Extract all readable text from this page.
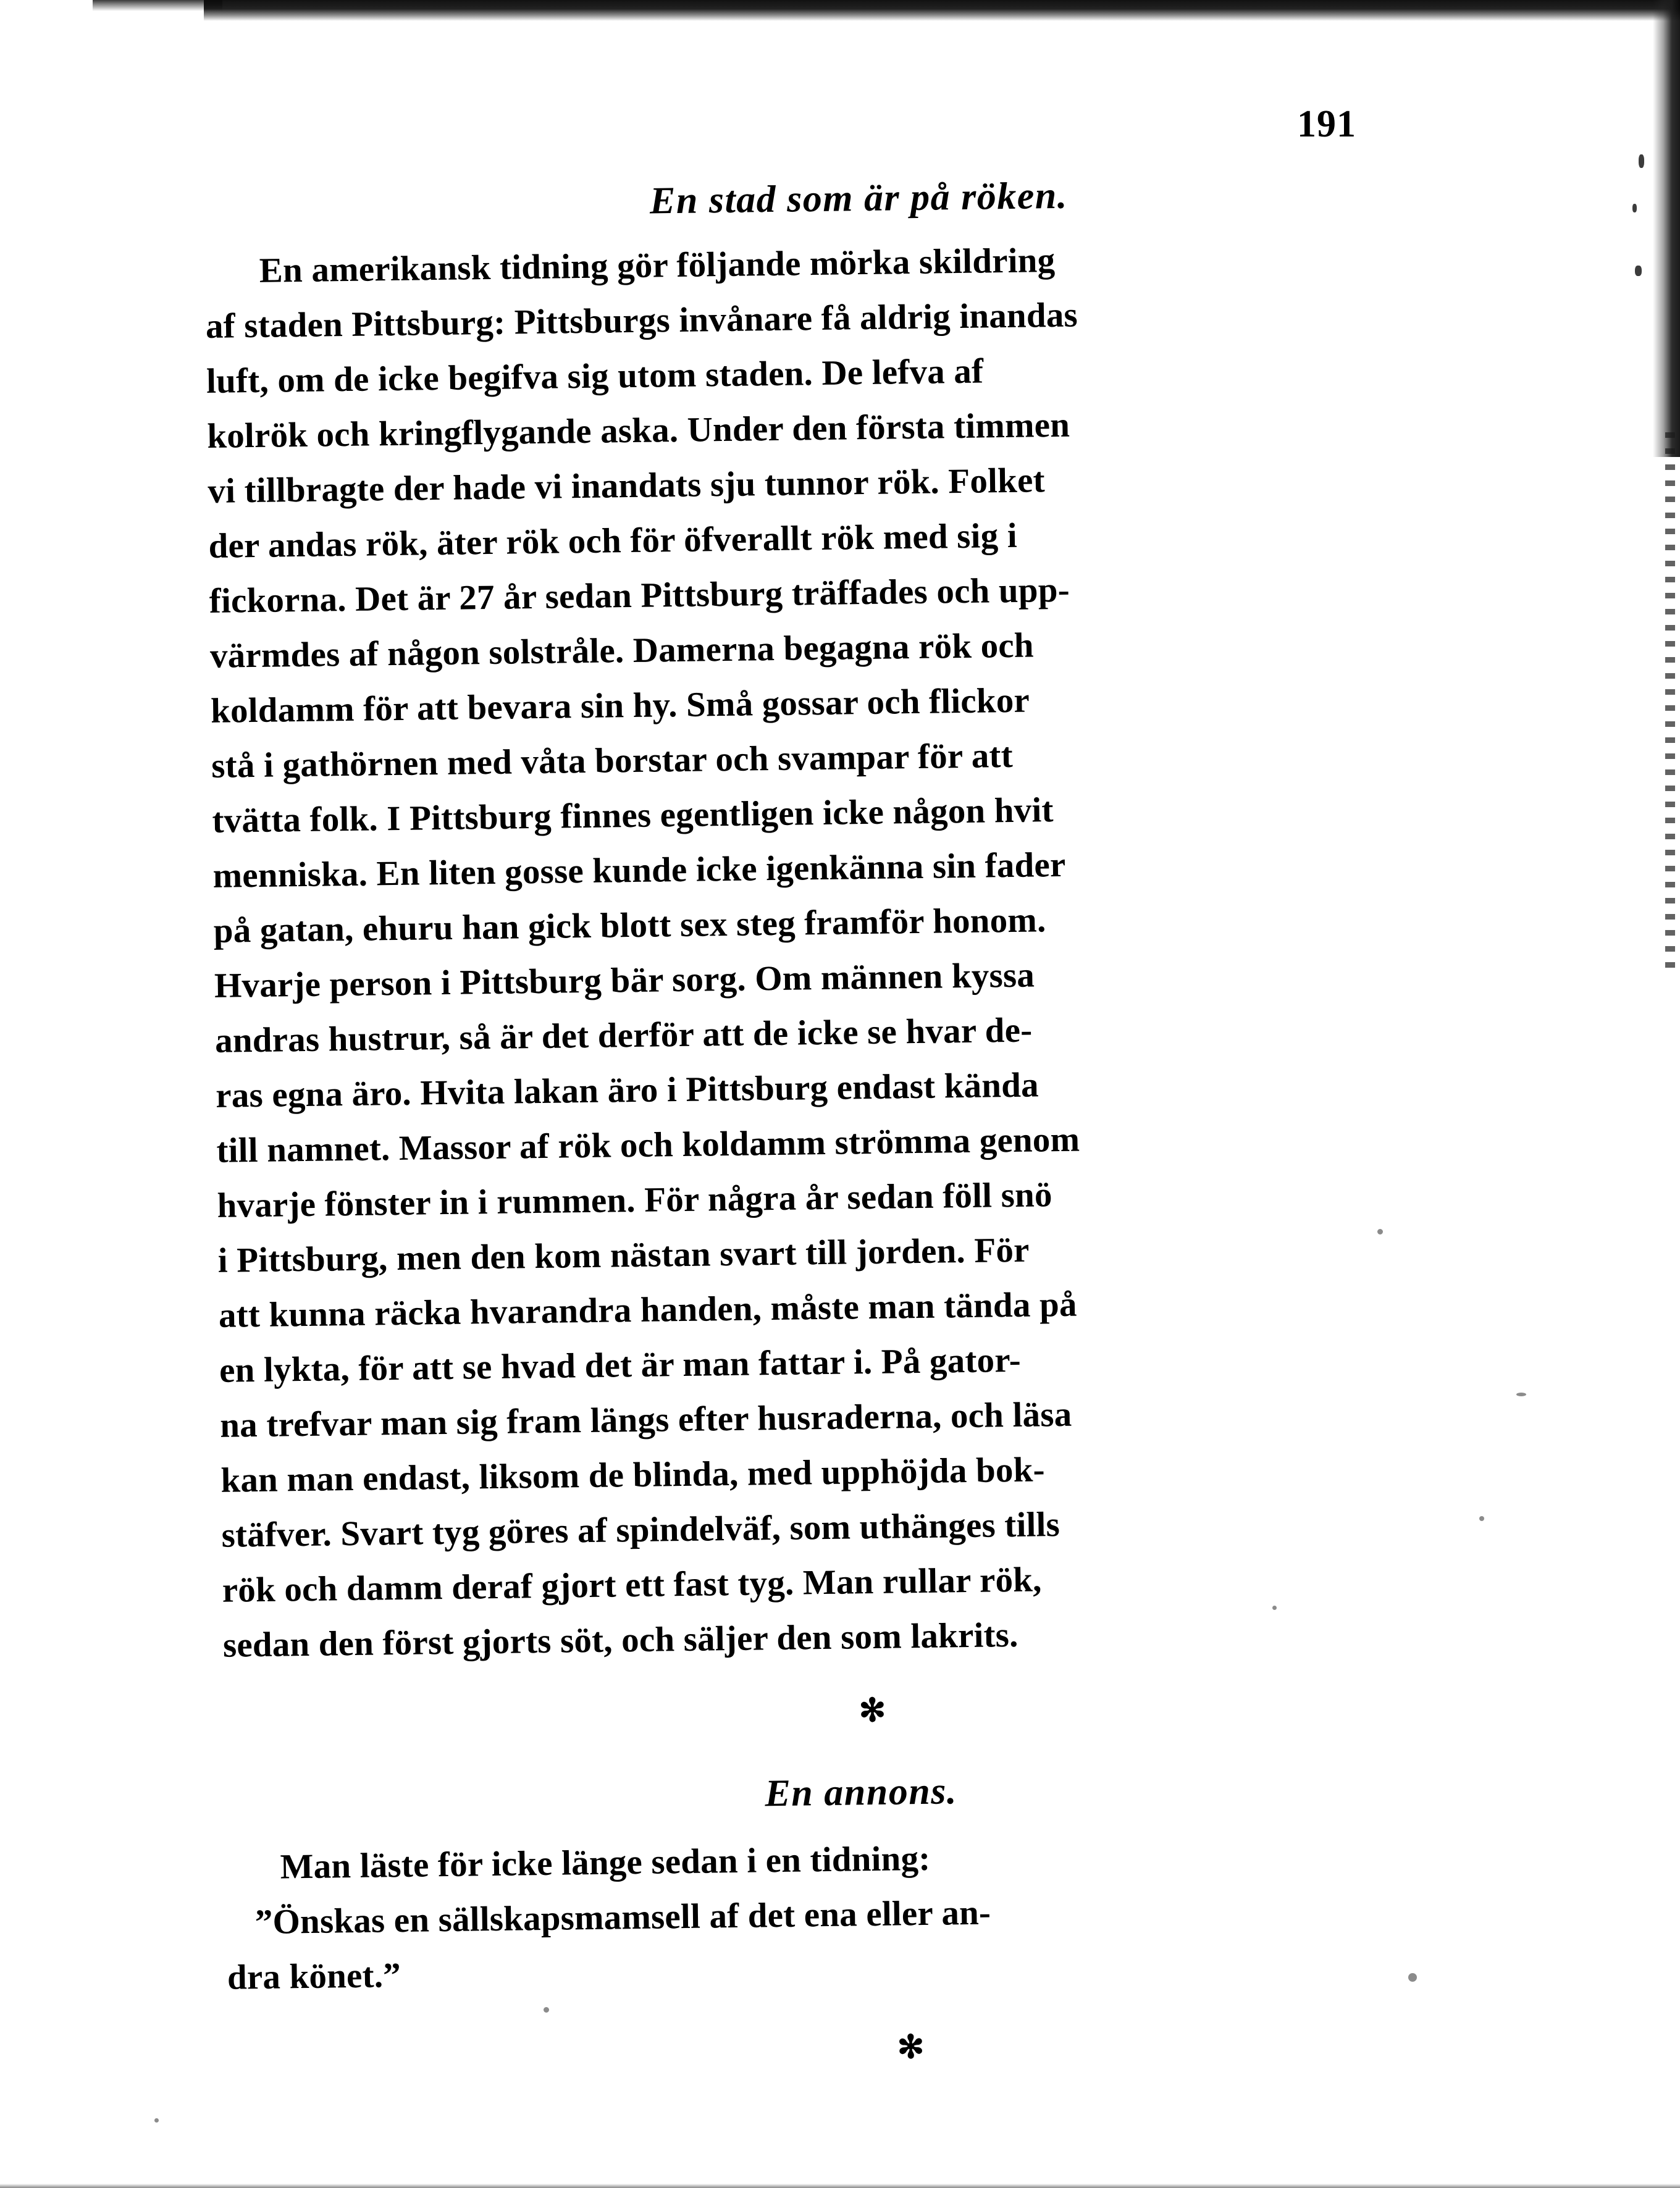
191
En stad som är på röken.
En amerikansk tidning gör följande mörka skildring
af staden Pittsburg: Pittsburgs invånare få aldrig inandas
luft, om de icke begifva sig utom staden. De lefva af
kolrök och kringflygande aska. Under den första timmen
vi tillbragte der hade vi inandats sju tunnor rök. Folket
der andas rök, äter rök och för öfverallt rök med sig i
fickorna. Det är 27 år sedan Pittsburg träffades och upp-
värmdes af någon solstråle. Damerna begagna rök och
koldamm för att bevara sin hy. Små gossar och flickor
stå i gathörnen med våta borstar och svampar för att
tvätta folk. I Pittsburg finnes egentligen icke någon hvit
menniska. En liten gosse kunde icke igenkänna sin fader
på gatan, ehuru han gick blott sex steg framför honom.
Hvarje person i Pittsburg bär sorg. Om männen kyssa
andras hustrur, så är det derför att de icke se hvar de-
ras egna äro. Hvita lakan äro i Pittsburg endast kända
till namnet. Massor af rök och koldamm strömma genom
hvarje fönster in i rummen. För några år sedan föll snö
i Pittsburg, men den kom nästan svart till jorden. För
att kunna räcka hvarandra handen, måste man tända på
en lykta, för att se hvad det är man fattar i. På gator-
na trefvar man sig fram längs efter husraderna, och läsa
kan man endast, liksom de blinda, med upphöjda bok-
stäfver. Svart tyg göres af spindelväf, som uthänges tills
rök och damm deraf gjort ett fast tyg. Man rullar rök,
sedan den först gjorts söt, och säljer den som lakrits.
✻
En annons.
Man läste för icke länge sedan i en tidning:
”Önskas en sällskapsmamsell af det ena eller an-
dra könet.”
✻
